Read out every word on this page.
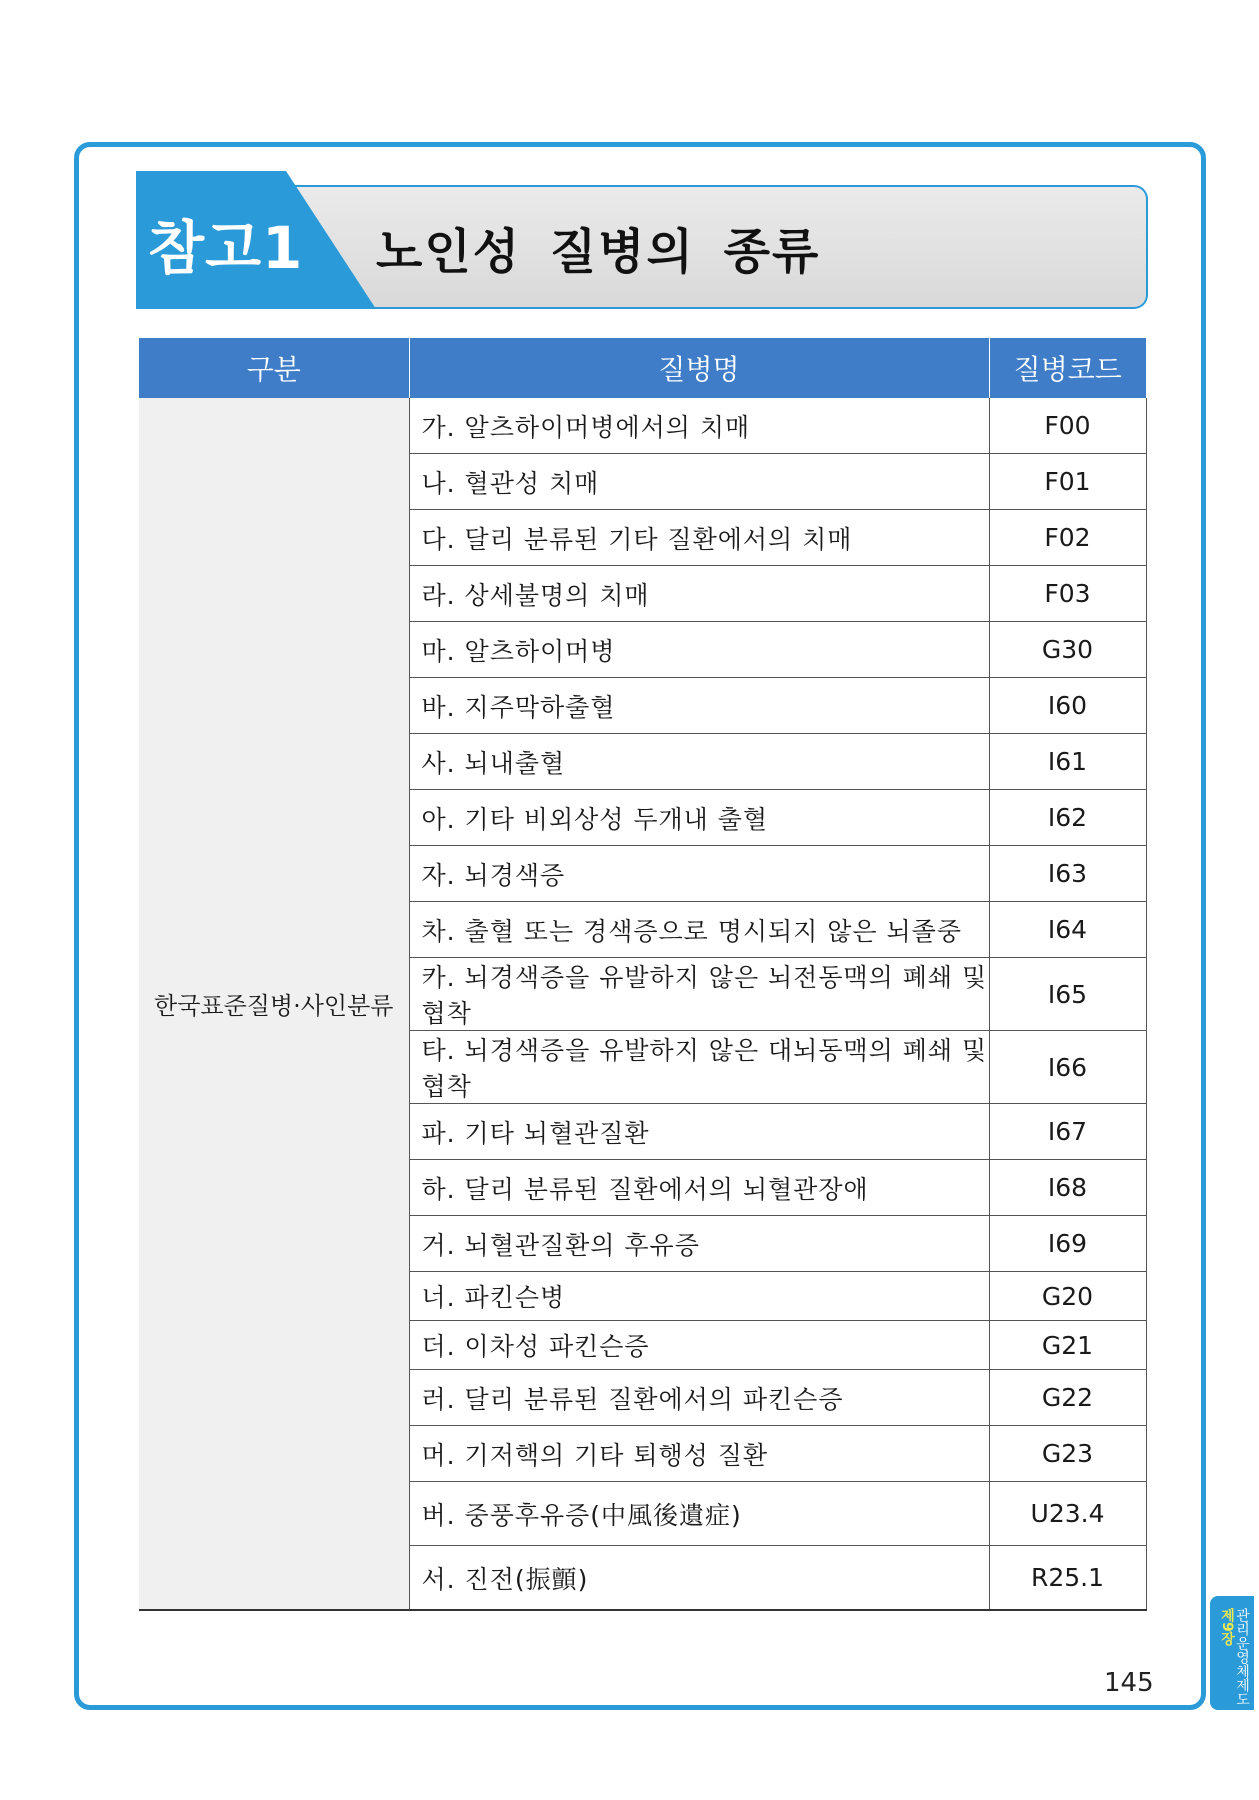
참고1 노인성 질병의 종류
구분	질병명	질병코드
한국표준질병·사인분류	가. 알츠하이머병에서의 치매	F00
	나. 혈관성 치매	F01
	다. 달리 분류된 기타 질환에서의 치매	F02
	라. 상세불명의 치매	F03
	마. 알츠하이머병	G30
	바. 지주막하출혈	I60
	사. 뇌내출혈	I61
	아. 기타 비외상성 두개내 출혈	I62
	자. 뇌경색증	I63
	차. 출혈 또는 경색증으로 명시되지 않은 뇌졸중	I64
	카. 뇌경색증을 유발하지 않은 뇌전동맥의 폐쇄 및 협착	I65
	타. 뇌경색증을 유발하지 않은 대뇌동맥의 폐쇄 및 협착	I66
	파. 기타 뇌혈관질환	I67
	하. 달리 분류된 질환에서의 뇌혈관장애	I68
	거. 뇌혈관질환의 후유증	I69
	너. 파킨슨병	G20
	더. 이차성 파킨슨증	G21
	러. 달리 분류된 질환에서의 파킨슨증	G22
	머. 기저핵의 기타 퇴행성 질환	G23
	버. 중풍후유증(中風後遺症)	U23.4
	서. 진전(振顫)	R25.1
145
제9장 관리운영체제도
